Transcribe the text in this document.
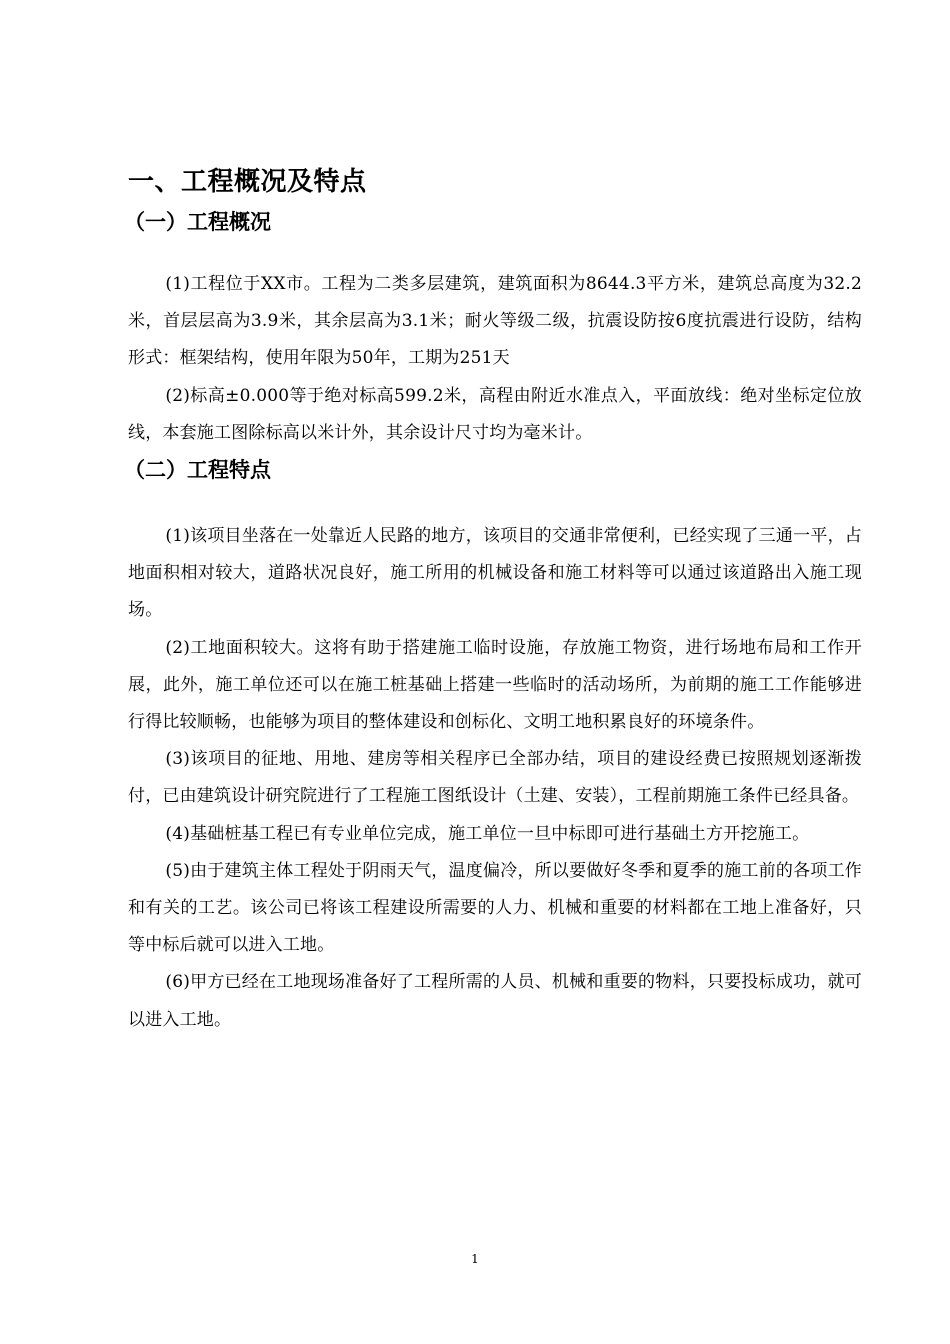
一、工程概况及特点
（一）工程概况

(1)工程位于XX市。工程为二类多层建筑，建筑面积为8644.3平方米，建筑总高度为32.2米，首层层高为3.9米，其余层高为3.1米；耐火等级二级，抗震设防按6度抗震进行设防，结构形式：框架结构，使用年限为50年，工期为251天

(2)标高±0.000等于绝对标高599.2米，高程由附近水准点入，平面放线：绝对坐标定位放线，本套施工图除标高以米计外，其余设计尺寸均为毫米计。

（二）工程特点

(1)该项目坐落在一处靠近人民路的地方，该项目的交通非常便利，已经实现了三通一平，占地面积相对较大，道路状况良好，施工所用的机械设备和施工材料等可以通过该道路出入施工现场。

(2)工地面积较大。这将有助于搭建施工临时设施，存放施工物资，进行场地布局和工作开展，此外，施工单位还可以在施工桩基础上搭建一些临时的活动场所，为前期的施工工作能够进行得比较顺畅，也能够为项目的整体建设和创标化、文明工地积累良好的环境条件。

(3)该项目的征地、用地、建房等相关程序已全部办结，项目的建设经费已按照规划逐渐拨付，已由建筑设计研究院进行了工程施工图纸设计（土建、安装），工程前期施工条件已经具备。

(4)基础桩基工程已有专业单位完成，施工单位一旦中标即可进行基础土方开挖施工。

(5)由于建筑主体工程处于阴雨天气，温度偏冷，所以要做好冬季和夏季的施工前的各项工作和有关的工艺。该公司已将该工程建设所需要的人力、机械和重要的材料都在工地上准备好，只等中标后就可以进入工地。

(6)甲方已经在工地现场准备好了工程所需的人员、机械和重要的物料，只要投标成功，就可以进入工地。

1
